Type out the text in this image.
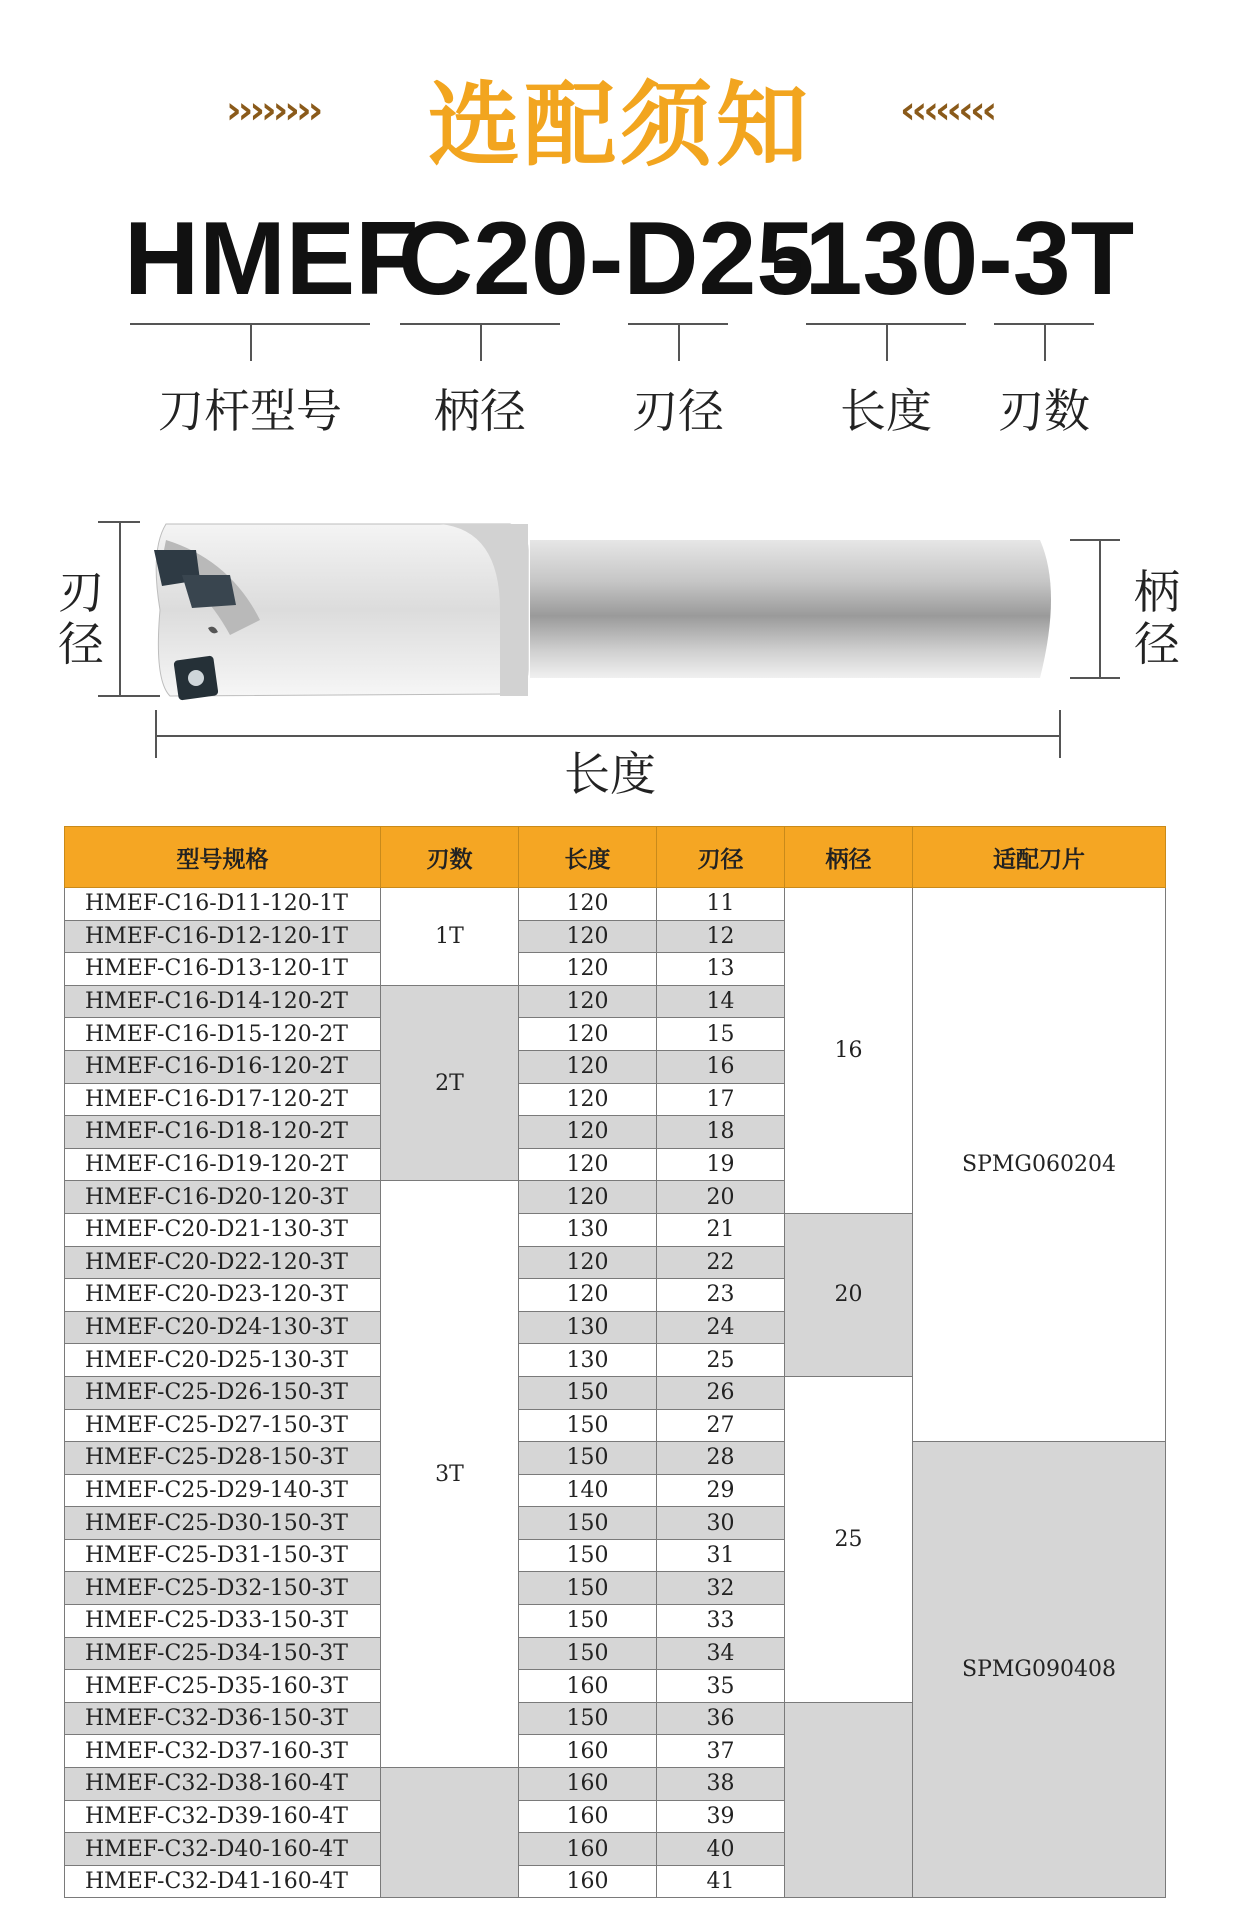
››››››››	选配须知	‹‹‹‹‹‹‹‹
HMEF
C20-D25
-130-3T
刀杆型号	柄径	刃径	长度	刃数
刃
径
柄
径
长度
型号规格	刃数	长度	刃径	柄径	适配刀片
HMEF-C16-D11-120-1T	1T	120	11	16	SPMG060204
HMEF-C16-D12-120-1T		120	12		
HMEF-C16-D13-120-1T		120	13		
HMEF-C16-D14-120-2T	2T	120	14		
HMEF-C16-D15-120-2T		120	15		
HMEF-C16-D16-120-2T		120	16		
HMEF-C16-D17-120-2T		120	17		
HMEF-C16-D18-120-2T		120	18		
HMEF-C16-D19-120-2T		120	19		
HMEF-C16-D20-120-3T	3T	120	20		
HMEF-C20-D21-130-3T		130	21	20	
HMEF-C20-D22-120-3T		120	22		
HMEF-C20-D23-120-3T		120	23		
HMEF-C20-D24-130-3T		130	24		
HMEF-C20-D25-130-3T		130	25		
HMEF-C25-D26-150-3T		150	26	25	
HMEF-C25-D27-150-3T		150	27		
HMEF-C25-D28-150-3T		150	28		SPMG090408
HMEF-C25-D29-140-3T		140	29		
HMEF-C25-D30-150-3T		150	30		
HMEF-C25-D31-150-3T		150	31		
HMEF-C25-D32-150-3T		150	32		
HMEF-C25-D33-150-3T		150	33		
HMEF-C25-D34-150-3T		150	34		
HMEF-C25-D35-160-3T		160	35		
HMEF-C32-D36-150-3T		150	36		
HMEF-C32-D37-160-3T		160	37		
HMEF-C32-D38-160-4T		160	38		
HMEF-C32-D39-160-4T		160	39		
HMEF-C32-D40-160-4T		160	40		
HMEF-C32-D41-160-4T		160	41		
